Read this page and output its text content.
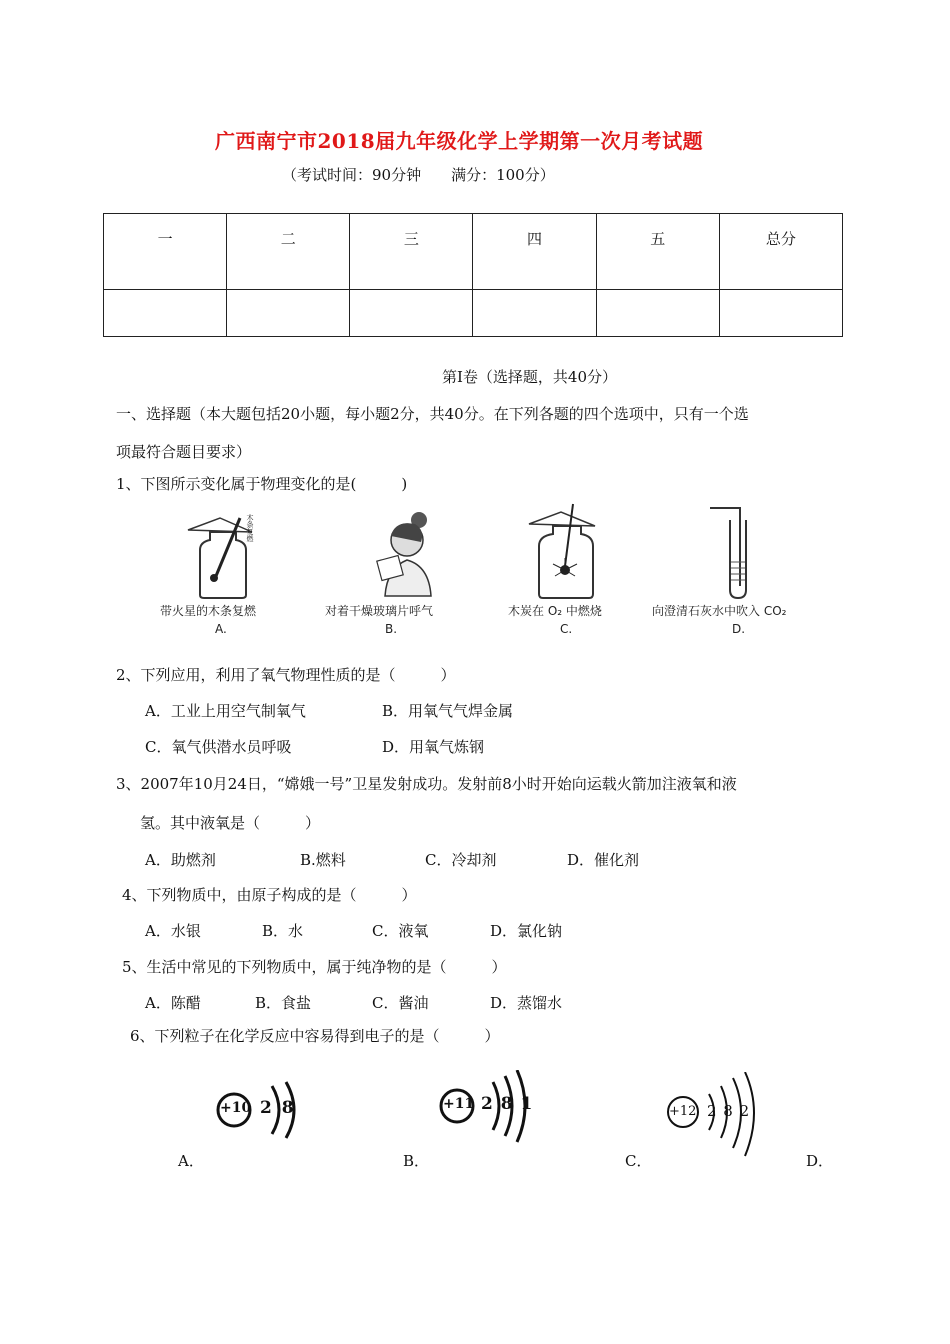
广西南宁市2018届九年级化学上学期第一次月考试题
（考试时间：90分钟　　满分：100分）
一	二	三	四	五	总分

第Ⅰ卷（选择题，共40分）
一、选择题（本大题包括20小题，每小题2分，共40分。在下列各题的四个选项中，只有一个选
项最符合题目要求）
1、下图所示变化属于物理变化的是(　　　)
木条复燃
带火星的木条复燃
A.
对着干燥玻璃片呼气
B.
木炭在 O₂ 中燃烧
C.
向澄清石灰水中吹入 CO₂
D.
2、下列应用，利用了氧气物理性质的是（　　　）
A．工业上用空气制氧气	B．用氧气气焊金属
C．氧气供潜水员呼吸	D．用氧气炼钢
3、2007年10月24日，“嫦娥一号”卫星发射成功。发射前8小时开始向运载火箭加注液氧和液
氢。其中液氧是（　　　）
A．助燃剂	B.燃料	C．冷却剂	D．催化剂
4、下列物质中，由原子构成的是（　　　）
A．水银	B．水	C．液氧	D．氯化钠
5、生活中常见的下列物质中，属于纯净物的是（　　　）
A．陈醋	B．食盐	C．酱油	D．蒸馏水
6、下列粒子在化学反应中容易得到电子的是（　　　）
+10 2 8
A．
+11 2 8 1
B．
+12 2 8 2
C．	D．
